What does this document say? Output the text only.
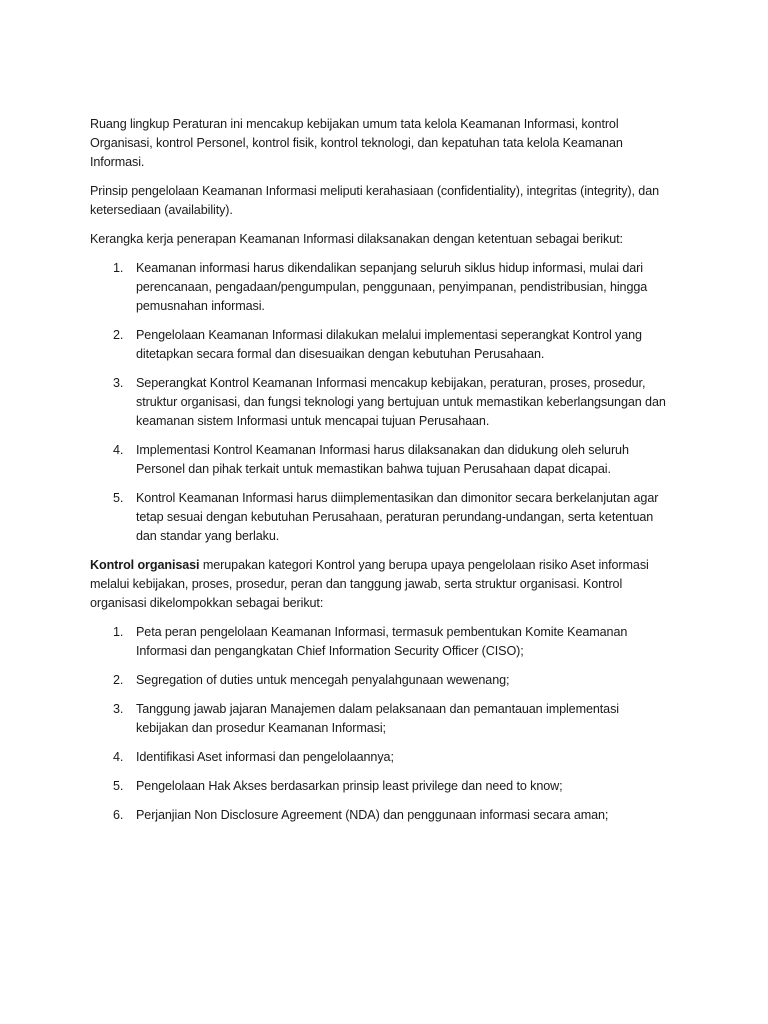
Ruang lingkup Peraturan ini mencakup kebijakan umum tata kelola Keamanan Informasi, kontrol Organisasi, kontrol Personel, kontrol fisik, kontrol teknologi, dan kepatuhan tata kelola Keamanan Informasi.

Prinsip pengelolaan Keamanan Informasi meliputi kerahasiaan (confidentiality), integritas (integrity), dan ketersediaan (availability).

Kerangka kerja penerapan Keamanan Informasi dilaksanakan dengan ketentuan sebagai berikut:

1. Keamanan informasi harus dikendalikan sepanjang seluruh siklus hidup informasi, mulai dari perencanaan, pengadaan/pengumpulan, penggunaan, penyimpanan, pendistribusian, hingga pemusnahan informasi.
2. Pengelolaan Keamanan Informasi dilakukan melalui implementasi seperangkat Kontrol yang ditetapkan secara formal dan disesuaikan dengan kebutuhan Perusahaan.
3. Seperangkat Kontrol Keamanan Informasi mencakup kebijakan, peraturan, proses, prosedur, struktur organisasi, dan fungsi teknologi yang bertujuan untuk memastikan keberlangsungan dan keamanan sistem Informasi untuk mencapai tujuan Perusahaan.
4. Implementasi Kontrol Keamanan Informasi harus dilaksanakan dan didukung oleh seluruh Personel dan pihak terkait untuk memastikan bahwa tujuan Perusahaan dapat dicapai.
5. Kontrol Keamanan Informasi harus diimplementasikan dan dimonitor secara berkelanjutan agar tetap sesuai dengan kebutuhan Perusahaan, peraturan perundang-undangan, serta ketentuan dan standar yang berlaku.

Kontrol organisasi merupakan kategori Kontrol yang berupa upaya pengelolaan risiko Aset informasi melalui kebijakan, proses, prosedur, peran dan tanggung jawab, serta struktur organisasi. Kontrol organisasi dikelompokkan sebagai berikut:

1. Peta peran pengelolaan Keamanan Informasi, termasuk pembentukan Komite Keamanan Informasi dan pengangkatan Chief Information Security Officer (CISO);
2. Segregation of duties untuk mencegah penyalahgunaan wewenang;
3. Tanggung jawab jajaran Manajemen dalam pelaksanaan dan pemantauan implementasi kebijakan dan prosedur Keamanan Informasi;
4. Identifikasi Aset informasi dan pengelolaannya;
5. Pengelolaan Hak Akses berdasarkan prinsip least privilege dan need to know;
6. Perjanjian Non Disclosure Agreement (NDA) dan penggunaan informasi secara aman;
